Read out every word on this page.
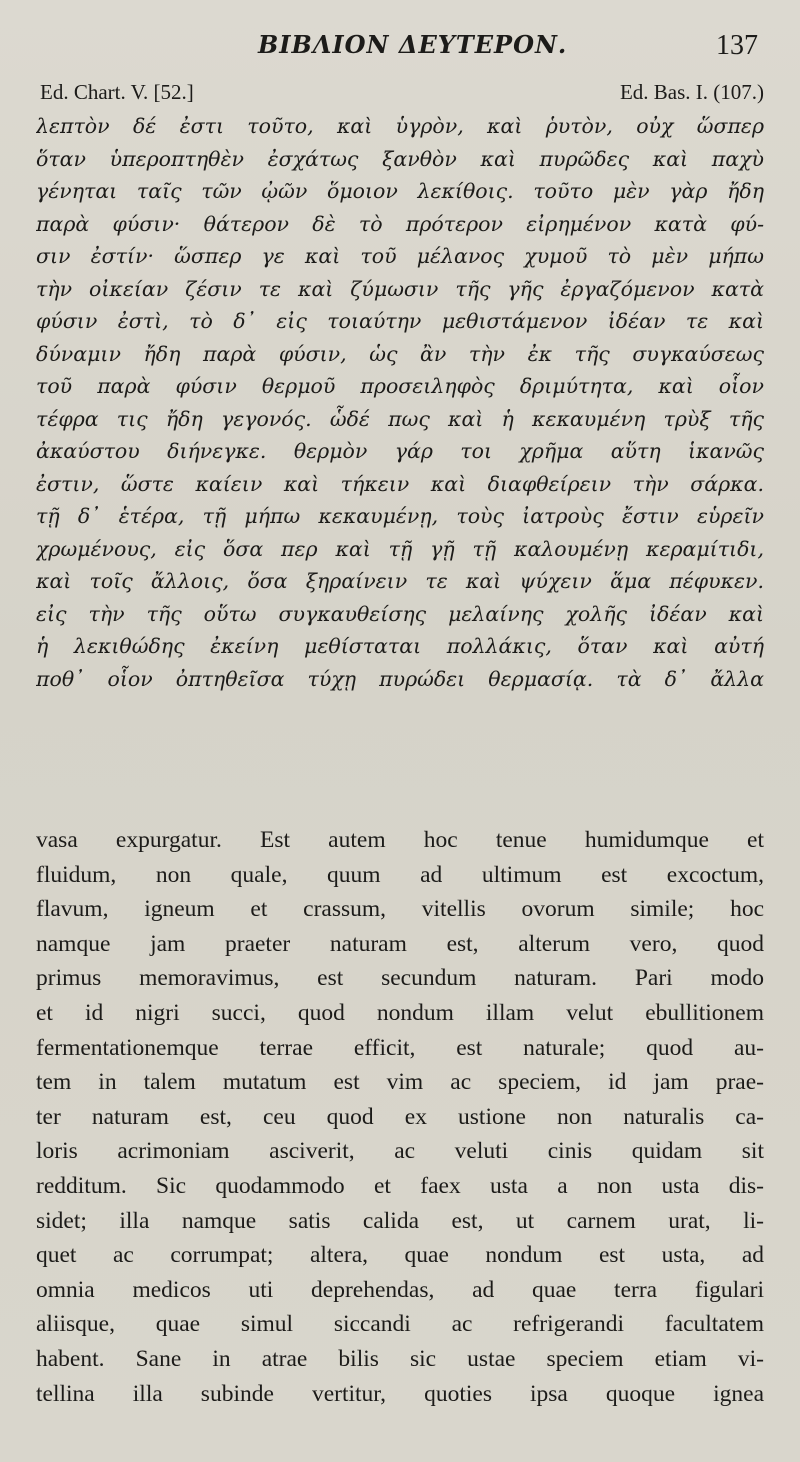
ΒΙΒΛΙΟΝ ΔΕΥΤΕΡΟΝ.	137
Ed. Chart. V. [52.]	Ed. Bas. I. (107.)
λεπτὸν δέ ἐστι τοῦτο, καὶ ὑγρὸν, καὶ ῥυτὸν, οὐχ ὥσπερ
ὅταν ὑπεροπτηθὲν ἐσχάτως ξανθὸν καὶ πυρῶδες καὶ παχὺ
γένηται ταῖς τῶν ᾠῶν ὅμοιον λεκίθοις. τοῦτο μὲν γὰρ ἤδη
παρὰ φύσιν· θάτερον δὲ τὸ πρότερον εἰρημένον κατὰ φύ-
σιν ἐστίν· ὥσπερ γε καὶ τοῦ μέλανος χυμοῦ τὸ μὲν μήπω
τὴν οἰκείαν ζέσιν τε καὶ ζύμωσιν τῆς γῆς ἐργαζόμενον κατὰ
φύσιν ἐστὶ, τὸ δ᾽ εἰς τοιαύτην μεθιστάμενον ἰδέαν τε καὶ
δύναμιν ἤδη παρὰ φύσιν, ὡς ἂν τὴν ἐκ τῆς συγκαύσεως
τοῦ παρὰ φύσιν θερμοῦ προσειληφὸς δριμύτητα, καὶ οἷον
τέφρα τις ἤδη γεγονός. ὧδέ πως καὶ ἡ κεκαυμένη τρὺξ τῆς
ἀκαύστου διήνεγκε. θερμὸν γάρ τοι χρῆμα αὕτη ἱκανῶς
ἐστιν, ὥστε καίειν καὶ τήκειν καὶ διαφθείρειν τὴν σάρκα.
τῇ δ᾽ ἑτέρα, τῇ μήπω κεκαυμένῃ, τοὺς ἰατροὺς ἔστιν εὑρεῖν
χρωμένους, εἰς ὅσα περ καὶ τῇ γῇ τῇ καλουμένῃ κεραμίτιδι,
καὶ τοῖς ἄλλοις, ὅσα ξηραίνειν τε καὶ ψύχειν ἅμα πέφυκεν.
εἰς τὴν τῆς οὕτω συγκαυθείσης μελαίνης χολῆς ἰδέαν καὶ
ἡ λεκιθώδης ἐκείνη μεθίσταται πολλάκις, ὅταν καὶ αὐτή
ποθ᾽ οἷον ὀπτηθεῖσα τύχῃ πυρώδει θερμασίᾳ. τὰ δ᾽ ἄλλα
vasa expurgatur. Est autem hoc tenue humidumque et
fluidum, non quale, quum ad ultimum est excoctum,
flavum, igneum et crassum, vitellis ovorum simile; hoc
namque jam praeter naturam est, alterum vero, quod
primus memoravimus, est secundum naturam. Pari modo
et id nigri succi, quod nondum illam velut ebullitionem
fermentationemque terrae efficit, est naturale; quod au-
tem in talem mutatum est vim ac speciem, id jam prae-
ter naturam est, ceu quod ex ustione non naturalis ca-
loris acrimoniam asciverit, ac veluti cinis quidam sit
redditum. Sic quodammodo et faex usta a non usta dis-
sidet; illa namque satis calida est, ut carnem urat, li-
quet ac corrumpat; altera, quae nondum est usta, ad
omnia medicos uti deprehendas, ad quae terra figulari
aliisque, quae simul siccandi ac refrigerandi facultatem
habent. Sane in atrae bilis sic ustae speciem etiam vi-
tellina illa subinde vertitur, quoties ipsa quoque ignea
